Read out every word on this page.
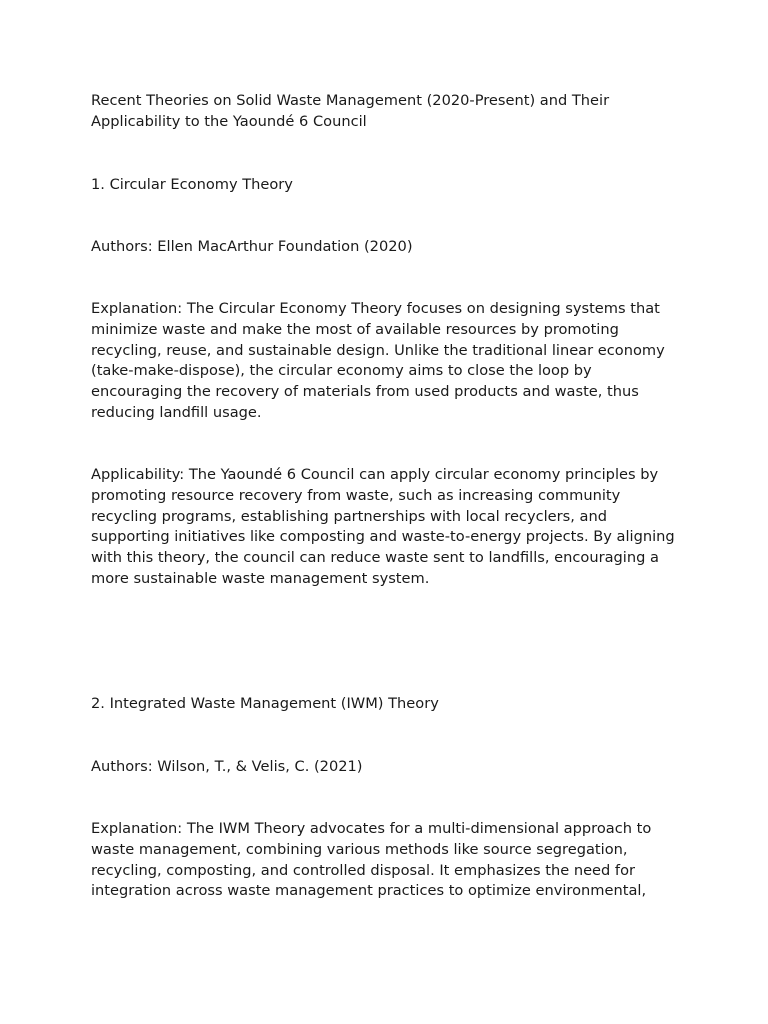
Recent Theories on Solid Waste Management (2020-Present) and Their Applicability to the Yaoundé 6 Council

1. Circular Economy Theory

Authors: Ellen MacArthur Foundation (2020)

Explanation: The Circular Economy Theory focuses on designing systems that minimize waste and make the most of available resources by promoting recycling, reuse, and sustainable design. Unlike the traditional linear economy (take-make-dispose), the circular economy aims to close the loop by encouraging the recovery of materials from used products and waste, thus reducing landfill usage.

Applicability: The Yaoundé 6 Council can apply circular economy principles by promoting resource recovery from waste, such as increasing community recycling programs, establishing partnerships with local recyclers, and supporting initiatives like composting and waste-to-energy projects. By aligning with this theory, the council can reduce waste sent to landfills, encouraging a more sustainable waste management system.

2. Integrated Waste Management (IWM) Theory

Authors: Wilson, T., & Velis, C. (2021)

Explanation: The IWM Theory advocates for a multi-dimensional approach to waste management, combining various methods like source segregation, recycling, composting, and controlled disposal. It emphasizes the need for integration across waste management practices to optimize environmental,
